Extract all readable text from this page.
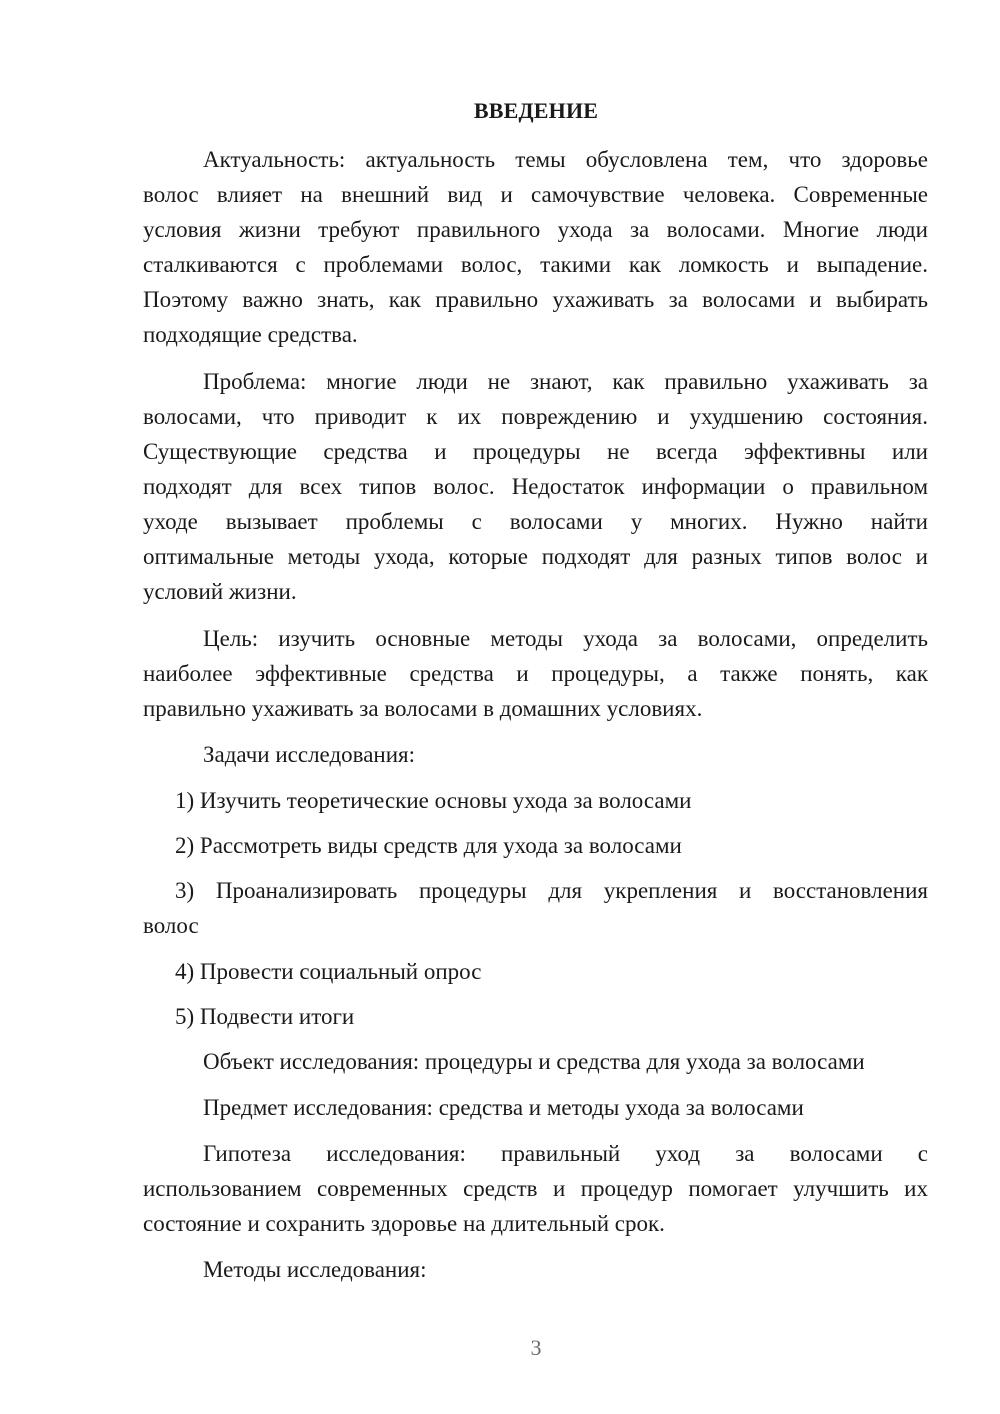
ВВЕДЕНИЕ
Актуальность: актуальность темы обусловлена тем, что здоровье
волос влияет на внешний вид и самочувствие человека. Современные
условия жизни требуют правильного ухода за волосами. Многие люди
сталкиваются с проблемами волос, такими как ломкость и выпадение.
Поэтому важно знать, как правильно ухаживать за волосами и выбирать
подходящие средства.
Проблема: многие люди не знают, как правильно ухаживать за
волосами, что приводит к их повреждению и ухудшению состояния.
Существующие средства и процедуры не всегда эффективны или
подходят для всех типов волос. Недостаток информации о правильном
уходе вызывает проблемы с волосами у многих. Нужно найти
оптимальные методы ухода, которые подходят для разных типов волос и
условий жизни.
Цель: изучить основные методы ухода за волосами, определить
наиболее эффективные средства и процедуры, а также понять, как
правильно ухаживать за волосами в домашних условиях.
Задачи исследования:
1) Изучить теоретические основы ухода за волосами
2) Рассмотреть виды средств для ухода за волосами
3) Проанализировать процедуры для укрепления и восстановления
волос
4) Провести социальный опрос
5) Подвести итоги
Объект исследования: процедуры и средства для ухода за волосами
Предмет исследования: средства и методы ухода за волосами
Гипотеза исследования: правильный уход за волосами с
использованием современных средств и процедур помогает улучшить их
состояние и сохранить здоровье на длительный срок.
Методы исследования:
3
